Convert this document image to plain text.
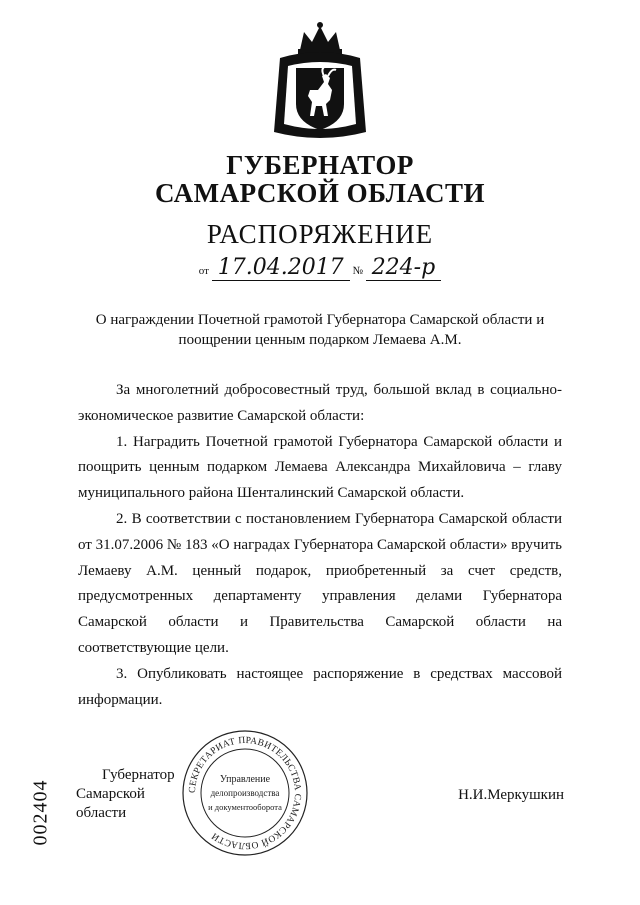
ГУБЕРНАТОР
САМАРСКОЙ ОБЛАСТИ
РАСПОРЯЖЕНИЕ
от 17.04.2017 № 224-р
О награждении Почетной грамотой Губернатора Самарской области и
поощрении ценным подарком Лемаева А.М.

За многолетний добросовестный труд, большой вклад в социально-экономическое развитие Самарской области:

1. Наградить Почетной грамотой Губернатора Самарской области и поощрить ценным подарком Лемаева Александра Михайловича – главу муниципального района Шенталинский Самарской области.

2. В соответствии с постановлением Губернатора Самарской области от 31.07.2006 № 183 «О наградах Губернатора Самарской области» вручить Лемаеву А.М. ценный подарок, приобретенный за счет средств, предусмотренных департаменту управления делами Губернатора Самарской области и Правительства Самарской области на соответствующие цели.

3. Опубликовать настоящее распоряжение в средствах массовой информации.

СЕКРЕТАРИАТ ПРАВИТЕЛЬСТВА САМАРСКОЙ ОБЛАСТИ
Управление
делопроизводства
и документооборота
Губернатор
Самарской области
Н.И.Меркушкин
002404
